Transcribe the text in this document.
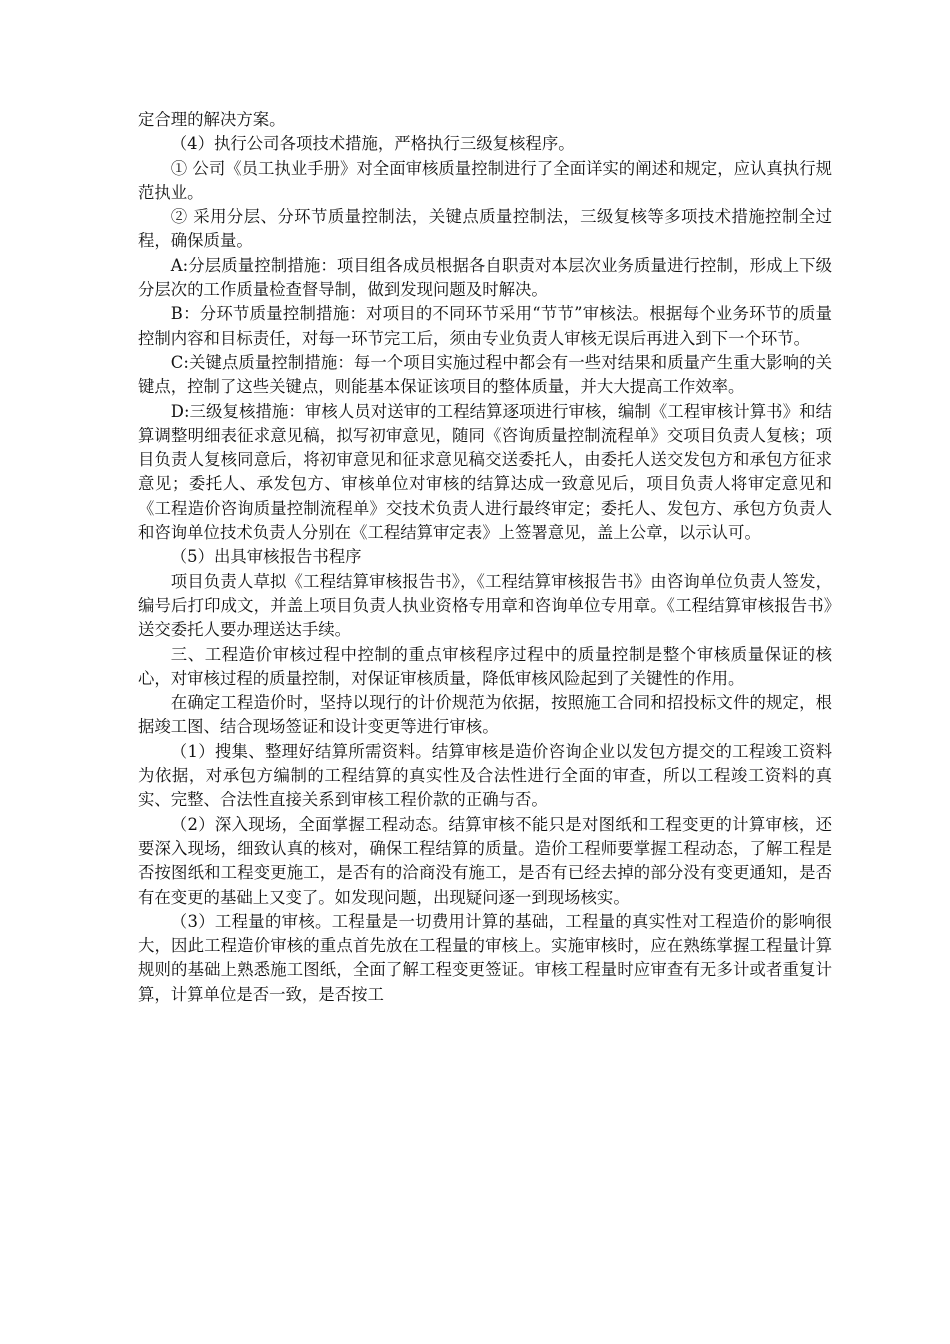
定合理的解决方案。

（4）执行公司各项技术措施，严格执行三级复核程序。

① 公司《员工执业手册》对全面审核质量控制进行了全面详实的阐述和规定，应认真执行规范执业。

② 采用分层、分环节质量控制法，关键点质量控制法，三级复核等多项技术措施控制全过程，确保质量。

A:分层质量控制措施：项目组各成员根据各自职责对本层次业务质量进行控制，形成上下级分层次的工作质量检查督导制，做到发现问题及时解决。

B：分环节质量控制措施：对项目的不同环节采用“节节”审核法。根据每个业务环节的质量控制内容和目标责任，对每一环节完工后，须由专业负责人审核无误后再进入到下一个环节。

C:关键点质量控制措施：每一个项目实施过程中都会有一些对结果和质量产生重大影响的关键点，控制了这些关键点，则能基本保证该项目的整体质量，并大大提高工作效率。

D:三级复核措施：审核人员对送审的工程结算逐项进行审核，编制《工程审核计算书》和结算调整明细表征求意见稿，拟写初审意见，随同《咨询质量控制流程单》交项目负责人复核；项目负责人复核同意后，将初审意见和征求意见稿交送委托人，由委托人送交发包方和承包方征求意见；委托人、承发包方、审核单位对审核的结算达成一致意见后，项目负责人将审定意见和《工程造价咨询质量控制流程单》交技术负责人进行最终审定；委托人、发包方、承包方负责人和咨询单位技术负责人分别在《工程结算审定表》上签署意见，盖上公章，以示认可。

（5）出具审核报告书程序

项目负责人草拟《工程结算审核报告书》，《工程结算审核报告书》由咨询单位负责人签发，编号后打印成文，并盖上项目负责人执业资格专用章和咨询单位专用章。《工程结算审核报告书》送交委托人要办理送达手续。

三、工程造价审核过程中控制的重点审核程序过程中的质量控制是整个审核质量保证的核心，对审核过程的质量控制，对保证审核质量，降低审核风险起到了关键性的作用。

在确定工程造价时，坚持以现行的计价规范为依据，按照施工合同和招投标文件的规定，根据竣工图、结合现场签证和设计变更等进行审核。

（1）搜集、整理好结算所需资料。结算审核是造价咨询企业以发包方提交的工程竣工资料为依据，对承包方编制的工程结算的真实性及合法性进行全面的审查，所以工程竣工资料的真实、完整、合法性直接关系到审核工程价款的正确与否。

（2）深入现场，全面掌握工程动态。结算审核不能只是对图纸和工程变更的计算审核，还要深入现场，细致认真的核对，确保工程结算的质量。造价工程师要掌握工程动态，了解工程是否按图纸和工程变更施工，是否有的洽商没有施工，是否有已经去掉的部分没有变更通知，是否有在变更的基础上又变了。如发现问题，出现疑问逐一到现场核实。

（3）工程量的审核。工程量是一切费用计算的基础，工程量的真实性对工程造价的影响很大，因此工程造价审核的重点首先放在工程量的审核上。实施审核时，应在熟练掌握工程量计算规则的基础上熟悉施工图纸，全面了解工程变更签证。审核工程量时应审查有无多计或者重复计算，计算单位是否一致，是否按工
